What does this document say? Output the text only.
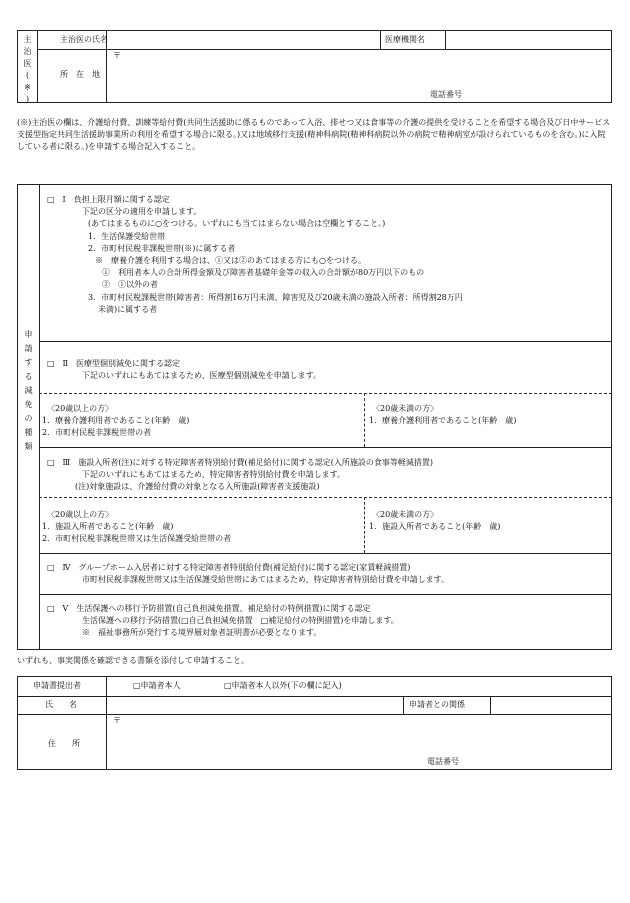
主
治
医
(
※
)
主治医の氏名	医療機関名
所　在　地
〒
電話番号
(※)主治医の欄は、介護給付費、訓練等給付費(共同生活援助に係るものであって入浴、排せつ又は食事等の介護の提供を受けることを希望する場合及び日中サービス支援型指定共同生活援助事業所の利用を希望する場合に限る。)又は地域移行支援(精神科病院(精神科病院以外の病院で精神病室が設けられているものを含む。)に入院している者に限る。)を申請する場合記入すること。
申
請
す
る
減
免
の
種
類
□　Ⅰ　負担上限月額に関する認定
下記の区分の適用を申請します。
(あてはまるものに○をつける。いずれにも当てはまらない場合は空欄とすること。)
1．生活保護受給世帯
2．市町村民税非課税世帯(※)に属する者
※　療養介護を利用する場合は、①又は②のあてはまる方にも○をつける。
①　利用者本人の合計所得金額及び障害者基礎年金等の収入の合計額が80万円以下のもの
②　①以外の者
3．市町村民税課税世帯(障害者：所得割16万円未満、障害児及び20歳未満の施設入所者：所得割28万円
未満)に属する者
□　Ⅱ　医療型個別減免に関する認定
下記のいずれにもあてはまるため、医療型個別減免を申請します。
〈20歳以上の方〉
1．療養介護利用者であること(年齢　歳)
2．市町村民税非課税世帯の者
〈20歳未満の方〉
1．療養介護利用者であること(年齢　歳)
□　Ⅲ　施設入所者(注)に対する特定障害者特別給付費(補足給付)に関する認定(入所施設の食事等軽減措置)
下記のいずれにもあてはまるため、特定障害者特別給付費を申請します。
(注)対象施設は、介護給付費の対象となる入所施設(障害者支援施設)
〈20歳以上の方〉
1．施設入所者であること(年齢　歳)
2．市町村民税非課税世帯又は生活保護受給世帯の者
〈20歳未満の方〉
1．施設入所者であること(年齢　歳)
□　Ⅳ　グループホーム入居者に対する特定障害者特別給付費(補足給付)に関する認定(家賃軽減措置)
市町村民税非課税世帯又は生活保護受給世帯にあてはまるため、特定障害者特別給付費を申請します。
□　Ⅴ　生活保護への移行予防措置(自己負担減免措置、補足給付の特例措置)に関する認定
生活保護への移行予防措置(□自己負担減免措置　□補足給付の特例措置)を申請します。
※　福祉事務所が発行する境界層対象者証明書が必要となります。
いずれも、事実関係を確認できる書類を添付して申請すること。
申請書提出者	□申請者本人	□申請者本人以外(下の欄に記入)
氏　　名	申請者との関係
住　　所
〒
電話番号
